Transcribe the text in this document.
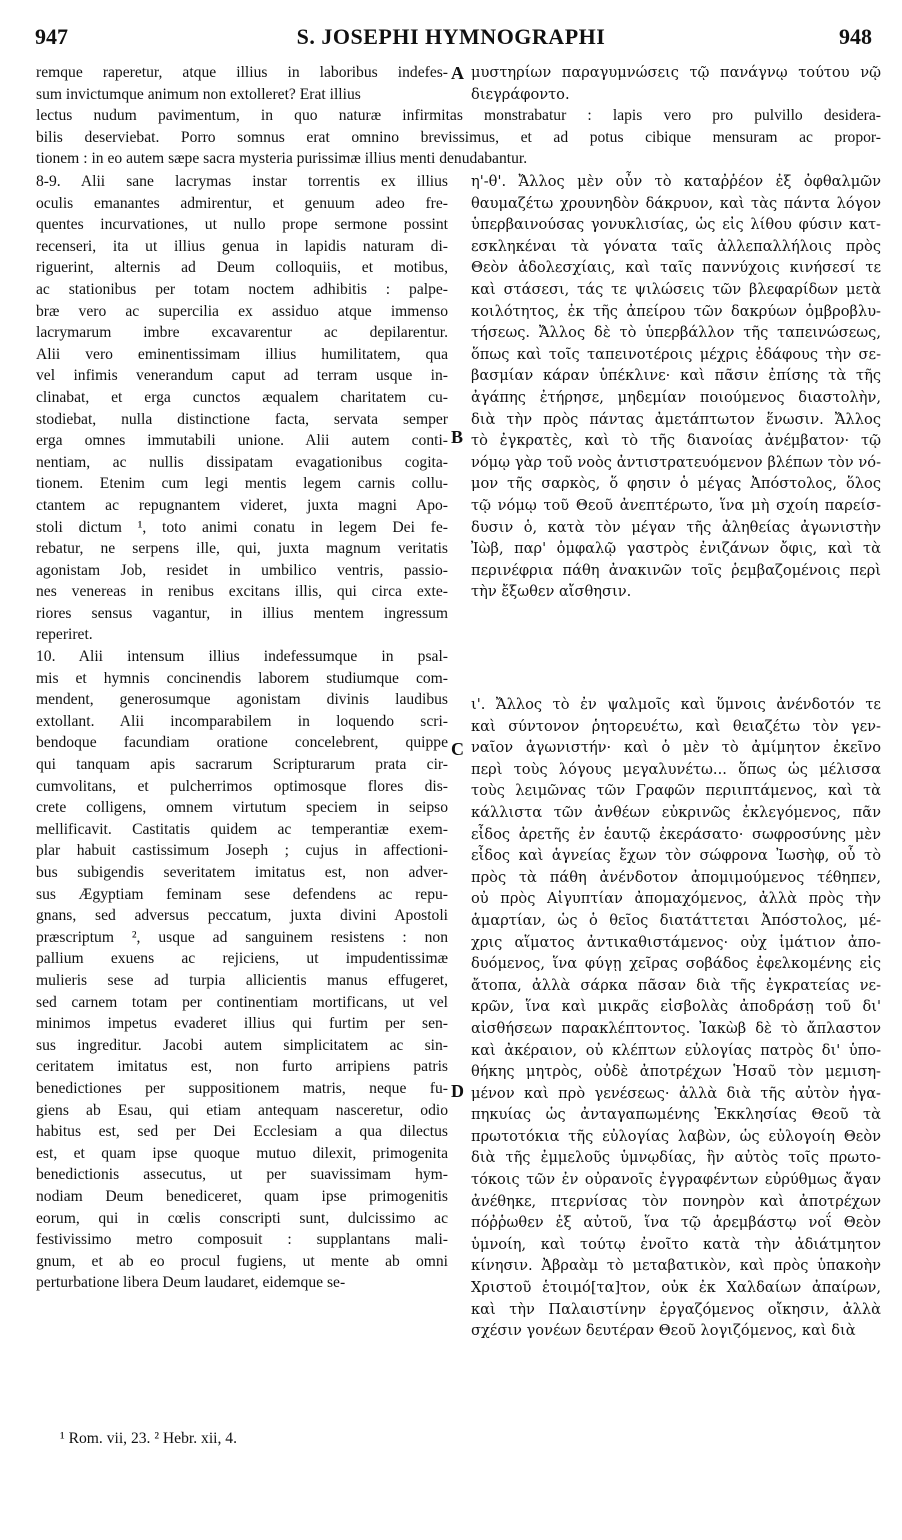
947	S. JOSEPHI HYMNOGRAPHI	948
remque raperetur, atque illius in laboribus indefes-
sum invictumque animum non extolleret? Erat illius
μυστηρίων παραγυμνώσεις τῷ πανάγνῳ τούτου νῷ
διεγράφοντο.
lectus nudum pavimentum, in quo naturæ infirmitas monstrabatur : lapis vero pro pulvillo desidera-
bilis deserviebat. Porro somnus erat omnino brevissimus, et ad potus cibique mensuram ac propor-
tionem : in eo autem sæpe sacra mysteria purissimæ illius menti denudabantur.
8-9. Alii sane lacrymas instar torrentis ex illius
oculis emanantes admirentur, et genuum adeo fre-
quentes incurvationes, ut nullo prope sermone possint
recenseri, ita ut illius genua in lapidis naturam di-
riguerint, alternis ad Deum colloquiis, et motibus,
ac stationibus per totam noctem adhibitis : palpe-
bræ vero ac supercilia ex assiduo atque immenso
lacrymarum imbre excavarentur ac depilarentur.
Alii vero eminentissimam illius humilitatem, qua
vel infimis venerandum caput ad terram usque in-
clinabat, et erga cunctos æqualem charitatem cu-
stodiebat, nulla distinctione facta, servata semper
erga omnes immutabili unione. Alii autem conti-
nentiam, ac nullis dissipatam evagationibus cogita-
tionem. Etenim cum legi mentis legem carnis collu-
ctantem ac repugnantem videret, juxta magni Apo-
stoli dictum ¹, toto animi conatu in legem Dei fe-
rebatur, ne serpens ille, qui, juxta magnum veritatis
agonistam Job, residet in umbilico ventris, passio-
nes venereas in renibus excitans illis, qui circa exte-
riores sensus vagantur, in illius mentem ingressum
reperiret.
10. Alii intensum illius indefessumque in psal-
mis et hymnis concinendis laborem studiumque com-
mendent, generosumque agonistam divinis laudibus
extollant. Alii incomparabilem in loquendo scri-
bendoque facundiam oratione concelebrent, quippe
qui tanquam apis sacrarum Scripturarum prata cir-
cumvolitans, et pulcherrimos optimosque flores dis-
crete colligens, omnem virtutum speciem in seipso
mellificavit. Castitatis quidem ac temperantiæ exem-
plar habuit castissimum Joseph ; cujus in affectioni-
bus subigendis severitatem imitatus est, non adver-
sus Ægyptiam feminam sese defendens ac repu-
gnans, sed adversus peccatum, juxta divini Apostoli
præscriptum ², usque ad sanguinem resistens : non
pallium exuens ac rejiciens, ut impudentissimæ
mulieris sese ad turpia allicientis manus effugeret,
sed carnem totam per continentiam mortificans, ut vel
minimos impetus evaderet illius qui furtim per sen-
sus ingreditur. Jacobi autem simplicitatem ac sin-
ceritatem imitatus est, non furto arripiens patris
benedictiones per suppositionem matris, neque fu-
giens ab Esau, qui etiam antequam nasceretur, odio
habitus est, sed per Dei Ecclesiam a qua dilectus
est, et quam ipse quoque mutuo dilexit, primogenita
benedictionis assecutus, ut per suavissimam hym-
nodiam Deum benediceret, quam ipse primogenitis
eorum, qui in cœlis conscripti sunt, dulcissimo ac
festivissimo metro composuit : supplantans mali-
gnum, et ab eo procul fugiens, ut mente ab omni
perturbatione libera Deum laudaret, eidemque se-
η'-θ'. Ἄλλος μὲν οὖν τὸ καταῤῥέον ἐξ ὀφθαλμῶν
θαυμαζέτω χρουνηδὸν δάκρυον, καὶ τὰς πάντα λόγον
ὑπερβαινούσας γονυκλισίας, ὡς εἰς λίθου φύσιν κατ-
εσκληκέναι τὰ γόνατα ταῖς ἀλλεπαλλήλοις πρὸς
Θεὸν ἀδολεσχίαις, καὶ ταῖς παννύχοις κινήσεσί τε
καὶ στάσεσι, τάς τε ψιλώσεις τῶν βλεφαρίδων μετὰ
κοιλότητος, ἐκ τῆς ἀπείρου τῶν δακρύων ὀμβροβλυ-
τήσεως. Ἄλλος δὲ τὸ ὑπερβάλλον τῆς ταπεινώσεως,
ὅπως καὶ τοῖς ταπεινοτέροις μέχρις ἐδάφους τὴν σε-
βασμίαν κάραν ὑπέκλινε· καὶ πᾶσιν ἐπίσης τὰ τῆς
ἀγάπης ἐτήρησε, μηδεμίαν ποιούμενος διαστολὴν,
διὰ τὴν πρὸς πάντας ἀμετάπτωτον ἕνωσιν. Ἄλλος
τὸ ἐγκρατὲς, καὶ τὸ τῆς διανοίας ἀνέμβατον· τῷ
νόμῳ γὰρ τοῦ νοὸς ἀντιστρατευόμενον βλέπων τὸν νό-
μον τῆς σαρκὸς, ὅ φησιν ὁ μέγας Ἀπόστολος, ὅλος
τῷ νόμῳ τοῦ Θεοῦ ἀνεπτέρωτο, ἵνα μὴ σχοίη παρείσ-
δυσιν ὁ, κατὰ τὸν μέγαν τῆς ἀληθείας ἀγωνιστὴν
Ἰὼβ, παρ' ὀμφαλῷ γαστρὸς ἐνιζάνων ὄφις, καὶ τὰ
περινέφρια πάθη ἀνακινῶν τοῖς ῥεμβαζομένοις περὶ
τὴν ἔξωθεν αἴσθησιν.
ι'. Ἄλλος τὸ ἐν ψαλμοῖς καὶ ὕμνοις ἀνένδοτόν τε
καὶ σύντονον ῥητορευέτω, καὶ θειαζέτω τὸν γεν-
ναῖον ἀγωνιστήν· καὶ ὁ μὲν τὸ ἀμίμητον ἐκεῖνο
περὶ τοὺς λόγους μεγαλυνέτω... ὅπως ὡς μέλισσα
τοὺς λειμῶνας τῶν Γραφῶν περιιπτάμενος, καὶ τὰ
κάλλιστα τῶν ἀνθέων εὐκρινῶς ἐκλεγόμενος, πᾶν
εἶδος ἀρετῆς ἐν ἑαυτῷ ἐκεράσατο· σωφροσύνης μὲν
εἶδος καὶ ἁγνείας ἔχων τὸν σώφρονα Ἰωσὴφ, οὗ τὸ
πρὸς τὰ πάθη ἀνένδοτον ἀπομιμούμενος τέθηπεν,
οὐ πρὸς Αἰγυπτίαν ἀπομαχόμενος, ἀλλὰ πρὸς τὴν
ἁμαρτίαν, ὡς ὁ θεῖος διατάττεται Ἀπόστολος, μέ-
χρις αἵματος ἀντικαθιστάμενος· οὐχ ἱμάτιον ἀπο-
δυόμενος, ἵνα φύγῃ χεῖρας σοβάδος ἐφελκομένης εἰς
ἄτοπα, ἀλλὰ σάρκα πᾶσαν διὰ τῆς ἐγκρατείας νε-
κρῶν, ἵνα καὶ μικρᾶς εἰσβολὰς ἀποδράσῃ τοῦ δι'
αἰσθήσεων παρακλέπτοντος. Ἰακὼβ δὲ τὸ ἄπλαστον
καὶ ἀκέραιον, οὐ κλέπτων εὐλογίας πατρὸς δι' ὑπο-
θήκης μητρὸς, οὐδὲ ἀποτρέχων Ἡσαῦ τὸν μεμιση-
μένον καὶ πρὸ γενέσεως· ἀλλὰ διὰ τῆς αὐτὸν ἠγα-
πηκυίας ὡς ἀνταγαπωμένης Ἐκκλησίας Θεοῦ τὰ
πρωτοτόκια τῆς εὐλογίας λαβὼν, ὡς εὐλογοίη Θεὸν
διὰ τῆς ἐμμελοῦς ὑμνῳδίας, ἣν αὐτὸς τοῖς πρωτο-
τόκοις τῶν ἐν οὐρανοῖς ἐγγραφέντων εὐρύθμως ἄγαν
ἀνέθηκε, πτερνίσας τὸν πονηρὸν καὶ ἀποτρέχων
πόῤῥωθεν ἐξ αὐτοῦ, ἵνα τῷ ἀρεμβάστῳ νοΐ Θεὸν
ὑμνοίη, καὶ τούτῳ ἐνοῖτο κατὰ τὴν ἀδιάτμητον
κίνησιν. Ἀβραὰμ τὸ μεταβατικὸν, καὶ πρὸς ὑπακοὴν
Χριστοῦ ἑτοιμό[τα]τον, οὐκ ἐκ Χαλδαίων ἀπαίρων,
καὶ τὴν Παλαιστίνην ἐργαζόμενος οἴκησιν, ἀλλὰ
σχέσιν γονέων δευτέραν Θεοῦ λογιζόμενος, καὶ διὰ
A
B
C
D
¹ Rom. vii, 23. ² Hebr. xii, 4.
